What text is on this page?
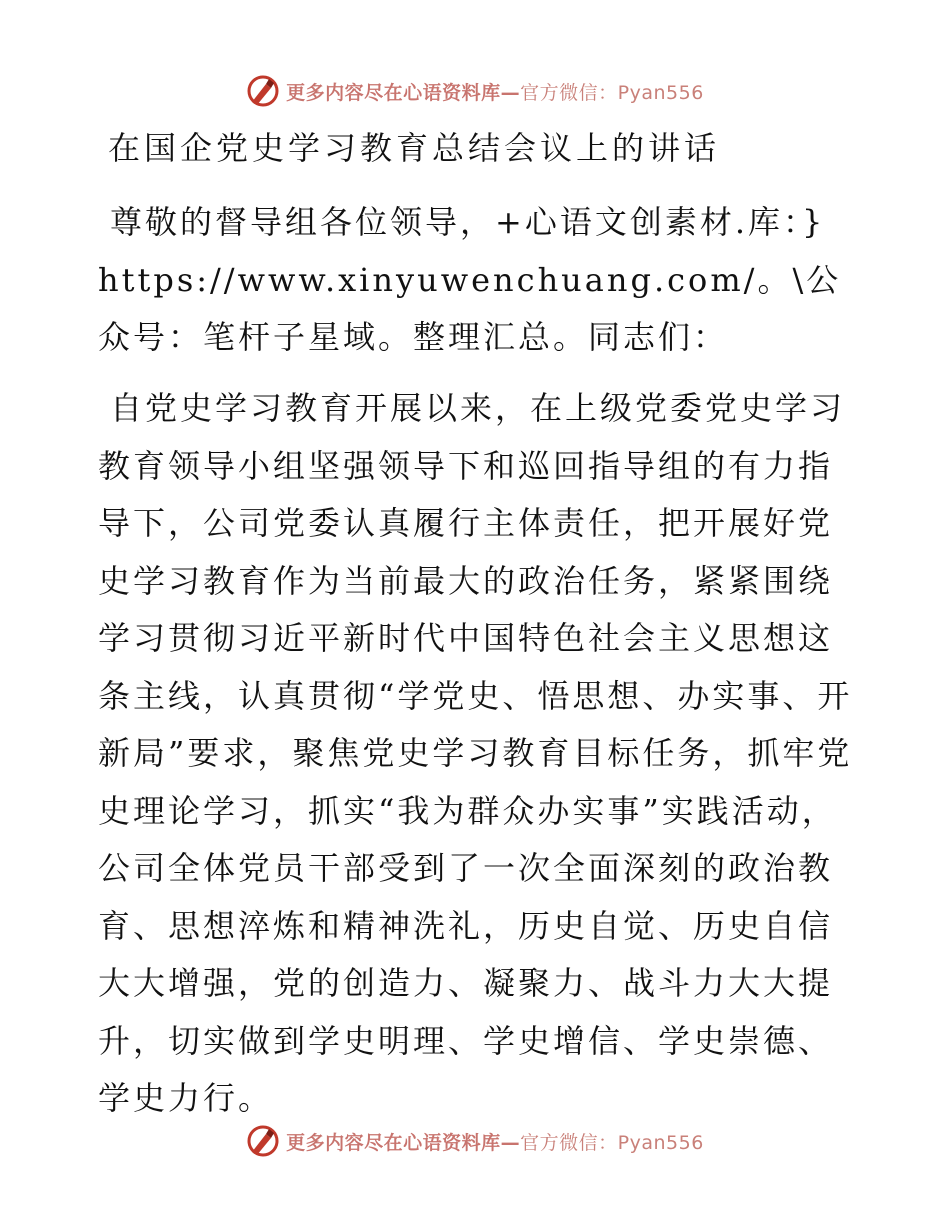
更多内容尽在心语资料库—官方微信：Pyan556
在国企党史学习教育总结会议上的讲话
尊敬的督导组各位领导，+心语文创素材.库：} https://www.xinyuwenchuang.com/。\公众号：笔杆子星域。整理汇总。同志们：
自党史学习教育开展以来，在上级党委党史学习教育领导小组坚强领导下和巡回指导组的有力指导下，公司党委认真履行主体责任，把开展好党史学习教育作为当前最大的政治任务，紧紧围绕学习贯彻习近平新时代中国特色社会主义思想这条主线，认真贯彻“学党史、悟思想、办实事、开新局”要求，聚焦党史学习教育目标任务，抓牢党史理论学习，抓实“我为群众办实事”实践活动，公司全体党员干部受到了一次全面深刻的政治教育、思想淬炼和精神洗礼，历史自觉、历史自信大大增强，党的创造力、凝聚力、战斗力大大提升，切实做到学史明理、学史增信、学史崇德、学史力行。
更多内容尽在心语资料库—官方微信：Pyan556
